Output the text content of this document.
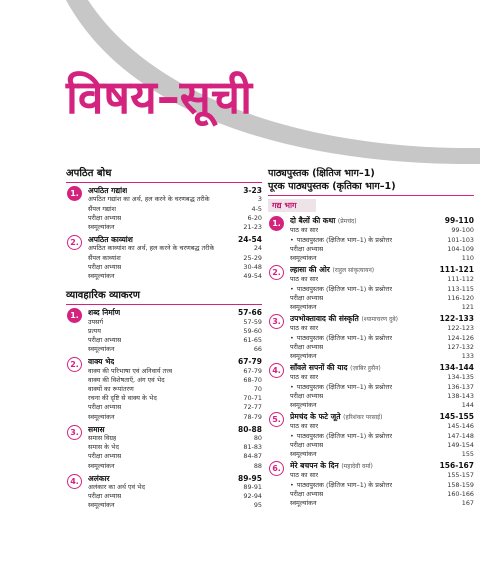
विषय–सूची
अपठित बोध
1.	अपठित गद्यांश	3-23
अपठित गद्यांश का अर्थ, हल करने के चरणबद्ध तरीके	3
सैंपल गद्यांश	4-5
परीक्षा अभ्यास	6-20
स्वमूल्यांकन	21-23
2.	अपठित काव्यांश	24-54
अपठित काव्यांश का अर्थ, हल करने के चरणबद्ध तरीके	24
सैंपल काव्यांश	25-29
परीक्षा अभ्यास	30-48
स्वमूल्यांकन	49-54
व्यावहारिक व्याकरण
1.	शब्द निर्माण	57-66
उपसर्ग	57-59
प्रत्यय	59-60
परीक्षा अभ्यास	61-65
स्वमूल्यांकन	66
2.	वाक्य भेद	67-79
वाक्य की परिभाषा एवं अनिवार्य तत्त्व	67-79
वाक्य की विशेषताएँ, अंग एवं भेद	68-70
वाक्यों का रूपांतरण	70
रचना की दृष्टि से वाक्य के भेद	70-71
परीक्षा अभ्यास	72-77
स्वमूल्यांकन	78-79
3.	समास	80-88
समास विग्रह	80
समास के भेद	81-83
परीक्षा अभ्यास	84-87
स्वमूल्यांकन	88
4.	अलंकार	89-95
अलंकार का अर्थ एवं भेद	89-91
परीक्षा अभ्यास	92-94
स्वमूल्यांकन	95
पाठ्यपुस्तक (क्षितिज भाग–1)
पूरक पाठ्यपुस्तक (कृतिका भाग–1)
गद्य भाग
1.	दो बैलों की कथा (प्रेमचंद)	99-110
पाठ का सार	99-100
• पाठ्यपुस्तक (क्षितिज भाग–1) के प्रश्नोत्तर	101-103
परीक्षा अभ्यास	104-109
स्वमूल्यांकन	110
2.	ल्हासा की ओर (राहुल सांकृत्यायन)	111-121
पाठ का सार	111-112
• पाठ्यपुस्तक (क्षितिज भाग–1) के प्रश्नोत्तर	113-115
परीक्षा अभ्यास	116-120
स्वमूल्यांकन	121
3.	उपभोक्तावाद की संस्कृति (श्यामाचरण दुबे)	122-133
पाठ का सार	122-123
• पाठ्यपुस्तक (क्षितिज भाग–1) के प्रश्नोत्तर	124-126
परीक्षा अभ्यास	127-132
स्वमूल्यांकन	133
4.	साँवले सपनों की याद (ज़ाबिर हुसैन)	134-144
पाठ का सार	134-135
• पाठ्यपुस्तक (क्षितिज भाग–1) के प्रश्नोत्तर	136-137
परीक्षा अभ्यास	138-143
स्वमूल्यांकन	144
5.	प्रेमचंद के फटे जूते (हरिशंकर परसाई)	145-155
पाठ का सार	145-146
• पाठ्यपुस्तक (क्षितिज भाग–1) के प्रश्नोत्तर	147-148
परीक्षा अभ्यास	149-154
स्वमूल्यांकन	155
6.	मेरे बचपन के दिन (महादेवी वर्मा)	156-167
पाठ का सार	155-157
• पाठ्यपुस्तक (क्षितिज भाग–1) के प्रश्नोत्तर	158-159
परीक्षा अभ्यास	160-166
स्वमूल्यांकन	167
